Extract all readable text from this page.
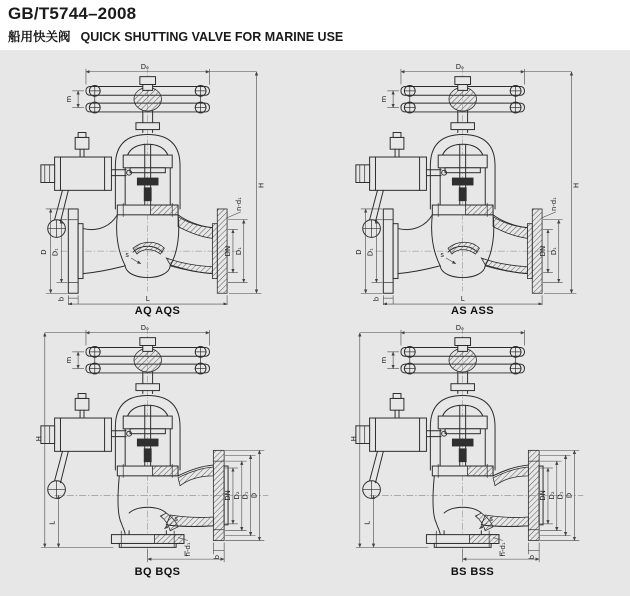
GB/T5744–2008
船用快关阀 QUICK SHUTTING VALVE FOR MARINE USE
AQ AQS	AS ASS
BQ BQS	BS BSS
